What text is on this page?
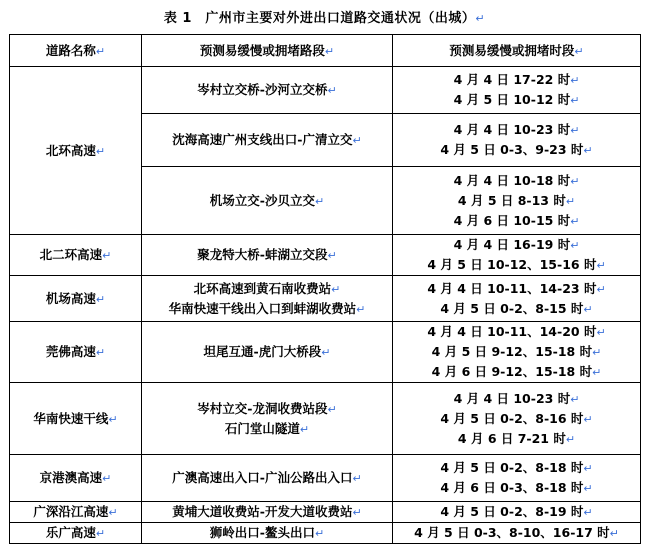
表 1　广州市主要对外进出口道路交通状况（出城）↵
道路名称↵	预测易缓慢或拥堵路段↵	预测易缓慢或拥堵时段↵
北环高速↵	岑村立交桥-沙河立交桥↵	4 月 4 日 17-22 时↵
4 月 5 日 10-12 时↵

	沈海高速广州支线出口-广清立交↵	4 月 4 日 10-23 时↵
4 月 5 日 0-3、9-23 时↵

	机场立交-沙贝立交↵	4 月 4 日 10-18 时↵
4 月 5 日 8-13 时↵
4 月 6 日 10-15 时↵

北二环高速↵	聚龙特大桥-蚌湖立交段↵	4 月 4 日 16-19 时↵
4 月 5 日 10-12、15-16 时↵

机场高速↵	北环高速到黄石南收费站↵
华南快速干线出入口到蚌湖收费站↵	4 月 4 日 10-11、14-23 时↵
4 月 5 日 0-2、8-15 时↵

莞佛高速↵	坦尾互通-虎门大桥段↵	4 月 4 日 10-11、14-20 时↵
4 月 5 日 9-12、15-18 时↵
4 月 6 日 9-12、15-18 时↵

华南快速干线↵	岑村立交-龙洞收费站段↵
石门堂山隧道↵	4 月 4 日 10-23 时↵
4 月 5 日 0-2、8-16 时↵
4 月 6 日 7-21 时↵

京港澳高速↵	广澳高速出入口-广汕公路出入口↵	4 月 5 日 0-2、8-18 时↵
4 月 6 日 0-3、8-18 时↵

广深沿江高速↵	黄埔大道收费站-开发大道收费站↵	4 月 5 日 0-2、8-19 时↵

乐广高速↵	狮岭出口-鳌头出口↵	4 月 5 日 0-3、8-10、16-17 时↵
